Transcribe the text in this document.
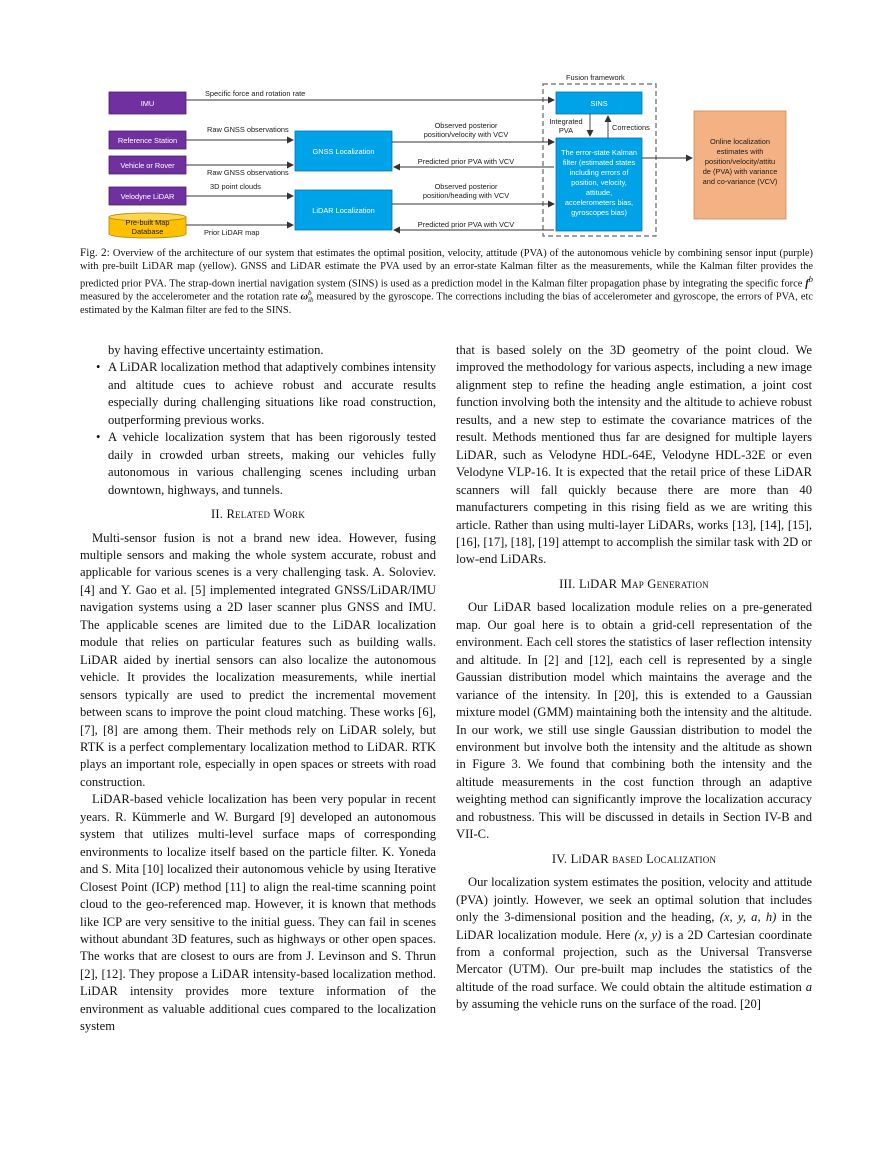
Fusion framework
IMU
Reference Station
Vehicle or Rover
Velodyne LiDAR
Pre-built Map
Database
GNSS Localization
LiDAR Localization
SINS
The error-state Kalman
filter (estimated states
including errors of
position, velocity,
attitude,
accelerometers bias,
gyroscopes bias)
Online localization
estimates with
position/velocity/attitu
de (PVA) with variance
and co-variance (VCV)
Specific force and rotation rate
Raw GNSS observations
Raw GNSS observations
3D point clouds
Prior LiDAR map
Observed posterior
position/velocity with VCV
Predicted prior PVA with VCV
Observed posterior
position/heading with VCV
Predicted prior PVA with VCV
Integrated
PVA	Corrections
Fig. 2: Overview of the architecture of our system that estimates the optimal position, velocity, attitude (PVA) of the autonomous vehicle by combining sensor input (purple) with pre-built LiDAR map (yellow). GNSS and LiDAR estimate the PVA used by an error-state Kalman filter as the measurements, while the Kalman filter provides the predicted prior PVA. The strap-down inertial navigation system (SINS) is used as a prediction model in the Kalman filter propagation phase by integrating the specific force $f^b$ measured by the accelerometer and the rotation rate ωb
ib measured by the gyroscope. The corrections including the bias of accelerometer and gyroscope, the errors of PVA, etc estimated by the Kalman filter are fed to the SINS.

by having effective uncertainty estimation.

• A LiDAR localization method that adaptively combines intensity and altitude cues to achieve robust and accurate results especially during challenging situations like road construction, outperforming previous works.
• A vehicle localization system that has been rigorously tested daily in crowded urban streets, making our vehicles fully autonomous in various challenging scenes including urban downtown, highways, and tunnels.
II. Related Work

Multi-sensor fusion is not a brand new idea. However, fusing multiple sensors and making the whole system accurate, robust and applicable for various scenes is a very challenging task. A. Soloviev. [4] and Y. Gao et al. [5] implemented integrated GNSS/LiDAR/IMU navigation systems using a 2D laser scanner plus GNSS and IMU. The applicable scenes are limited due to the LiDAR localization module that relies on particular features such as building walls. LiDAR aided by inertial sensors can also localize the autonomous vehicle. It provides the localization measurements, while inertial sensors typically are used to predict the incremental movement between scans to improve the point cloud matching. These works [6], [7], [8] are among them. Their methods rely on LiDAR solely, but RTK is a perfect complementary localization method to LiDAR. RTK plays an important role, especially in open spaces or streets with road construction.

LiDAR-based vehicle localization has been very popular in recent years. R. Kümmerle and W. Burgard [9] developed an autonomous system that utilizes multi-level surface maps of corresponding environments to localize itself based on the particle filter. K. Yoneda and S. Mita [10] localized their autonomous vehicle by using Iterative Closest Point (ICP) method [11] to align the real-time scanning point cloud to the geo-referenced map. However, it is known that methods like ICP are very sensitive to the initial guess. They can fail in scenes without abundant 3D features, such as highways or other open spaces. The works that are closest to ours are from J. Levinson and S. Thrun [2], [12]. They propose a LiDAR intensity-based localization method. LiDAR intensity provides more texture information of the environment as valuable additional cues compared to the localization system

that is based solely on the 3D geometry of the point cloud. We improved the methodology for various aspects, including a new image alignment step to refine the heading angle estimation, a joint cost function involving both the intensity and the altitude to achieve robust results, and a new step to estimate the covariance matrices of the result. Methods mentioned thus far are designed for multiple layers LiDAR, such as Velodyne HDL-64E, Velodyne HDL-32E or even Velodyne VLP-16. It is expected that the retail price of these LiDAR scanners will fall quickly because there are more than 40 manufacturers competing in this rising field as we are writing this article. Rather than using multi-layer LiDARs, works [13], [14], [15], [16], [17], [18], [19] attempt to accomplish the similar task with 2D or low-end LiDARs.

III. LiDAR Map Generation

Our LiDAR based localization module relies on a pre-generated map. Our goal here is to obtain a grid-cell representation of the environment. Each cell stores the statistics of laser reflection intensity and altitude. In [2] and [12], each cell is represented by a single Gaussian distribution model which maintains the average and the variance of the intensity. In [20], this is extended to a Gaussian mixture model (GMM) maintaining both the intensity and the altitude. In our work, we still use single Gaussian distribution to model the environment but involve both the intensity and the altitude as shown in Figure 3. We found that combining both the intensity and the altitude measurements in the cost function through an adaptive weighting method can significantly improve the localization accuracy and robustness. This will be discussed in details in Section IV-B and VII-C.

IV. LiDAR based Localization

Our localization system estimates the position, velocity and attitude (PVA) jointly. However, we seek an optimal solution that includes only the 3-dimensional position and the heading, (x, y, a, h) in the LiDAR localization module. Here (x, y) is a 2D Cartesian coordinate from a conformal projection, such as the Universal Transverse Mercator (UTM). Our pre-built map includes the statistics of the altitude of the road surface. We could obtain the altitude estimation a by assuming the vehicle runs on the surface of the road. [20]
